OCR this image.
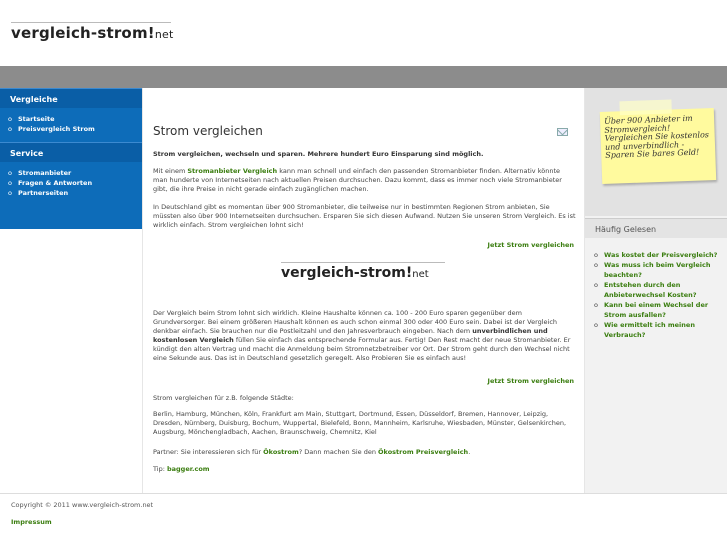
vergleich-strom!net
Vergleiche
o Startseite
o Preisvergleich Strom
Service
o Stromanbieter
o Fragen & Antworten
o Partnerseiten
Strom vergleichen
Strom vergleichen, wechseln und sparen. Mehrere hundert Euro Einsparung sind möglich.
Mit einem Stromanbieter Vergleich kann man schnell und einfach den passenden Stromanbieter finden. Alternativ könnte man hunderte von Internetseiten nach aktuellen Preisen durchsuchen. Dazu kommt, dass es immer noch viele Stromanbieter gibt, die ihre Preise in nicht gerade einfach zugänglichen machen.
In Deutschland gibt es momentan über 900 Stromanbieter, die teilweise nur in bestimmten Regionen Strom anbieten, Sie müssten also über 900 Internetseiten durchsuchen. Ersparen Sie sich diesen Aufwand. Nutzen Sie unseren Strom Vergleich. Es ist wirklich einfach. Strom vergleichen lohnt sich!
Jetzt Strom vergleichen
vergleich-strom!net
Der Vergleich beim Strom lohnt sich wirklich. Kleine Haushalte können ca. 100 - 200 Euro sparen gegenüber dem Grundversorger. Bei einem größeren Haushalt können es auch schon einmal 300 oder 400 Euro sein. Dabei ist der Vergleich denkbar einfach. Sie brauchen nur die Postleitzahl und den Jahresverbrauch eingeben. Nach dem unverbindlichen und kostenlosen Vergleich füllen Sie einfach das entsprechende Formular aus. Fertig! Den Rest macht der neue Stromanbieter. Er kündigt den alten Vertrag und macht die Anmeldung beim Stromnetzbetreiber vor Ort. Der Strom geht durch den Wechsel nicht eine Sekunde aus. Das ist in Deutschland gesetzlich geregelt. Also Probieren Sie es einfach aus!
Jetzt Strom vergleichen
Strom vergleichen für z.B. folgende Städte:
Berlin, Hamburg, München, Köln, Frankfurt am Main, Stuttgart, Dortmund, Essen, Düsseldorf, Bremen, Hannover, Leipzig, Dresden, Nürnberg, Duisburg, Bochum, Wuppertal, Bielefeld, Bonn, Mannheim, Karlsruhe, Wiesbaden, Münster, Gelsenkirchen, Augsburg, Mönchengladbach, Aachen, Braunschweig, Chemnitz, Kiel
Partner: Sie interessieren sich für Ökostrom? Dann machen Sie den Ökostrom Preisvergleich.
Tip: bagger.com
Über 900 Anbieter im Stromvergleich! Vergleichen Sie kostenlos und unverbindlich - Sparen Sie bares Geld!
Häufig Gelesen
o Was kostet der Preisvergleich?
o Was muss ich beim Vergleich beachten?
o Entstehen durch den Anbieterwechsel Kosten?
o Kann bei einem Wechsel der Strom ausfallen?
o Wie ermittelt ich meinen Verbrauch?
Copyright © 2011 www.vergleich-strom.net
Impressum
